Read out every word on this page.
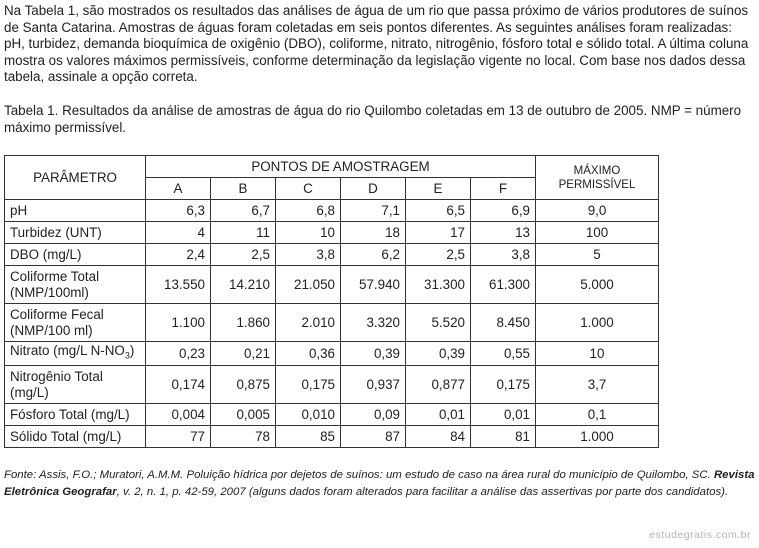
Na Tabela 1, são mostrados os resultados das análises de água de um rio que passa próximo de vários produtores de suínos de Santa Catarina. Amostras de águas foram coletadas em seis pontos diferentes. As seguintes análises foram realizadas: pH, turbidez, demanda bioquímica de oxigênio (DBO), coliforme, nitrato, nitrogênio, fósforo total e sólido total. A última coluna mostra os valores máximos permissíveis, conforme determinação da legislação vigente no local. Com base nos dados dessa tabela, assinale a opção correta.

Tabela 1. Resultados da análise de amostras de água do rio Quilombo coletadas em 13 de outubro de 2005. NMP = número máximo permissível.

PARÂMETRO	PONTOS DE AMOSTRAGEM						MÁXIMO
PERMISSÍVEL
	A	B	C	D	E	F	
pH	6,3	6,7	6,8	7,1	6,5	6,9	9,0
Turbidez (UNT)	4	11	10	18	17	13	100
DBO (mg/L)	2,4	2,5	3,8	6,2	2,5	3,8	5
Coliforme Total
(NMP/100ml)	13.550	14.210	21.050	57.940	31.300	61.300	5.000
Coliforme Fecal
(NMP/100 ml)	1.100	1.860	2.010	3.320	5.520	8.450	1.000
Nitrato (mg/L $N-NO_3$)	0,23	0,21	0,36	0,39	0,39	0,55	10
Nitrogênio Total
(mg/L)	0,174	0,875	0,175	0,937	0,877	0,175	3,7
Fósforo Total (mg/L)	0,004	0,005	0,010	0,09	0,01	0,01	0,1
Sólido Total (mg/L)	77	78	85	87	84	81	1.000

Fonte: Assis, F.O.; Muratori, A.M.M. Poluição hídrica por dejetos de suínos: um estudo de caso na área rural do município de Quilombo, SC. Revista Eletrônica Geografar, v. 2, n. 1, p. 42-59, 2007 (alguns dados foram alterados para facilitar a análise das assertivas por parte dos candidatos).

estudegratis.com.br
